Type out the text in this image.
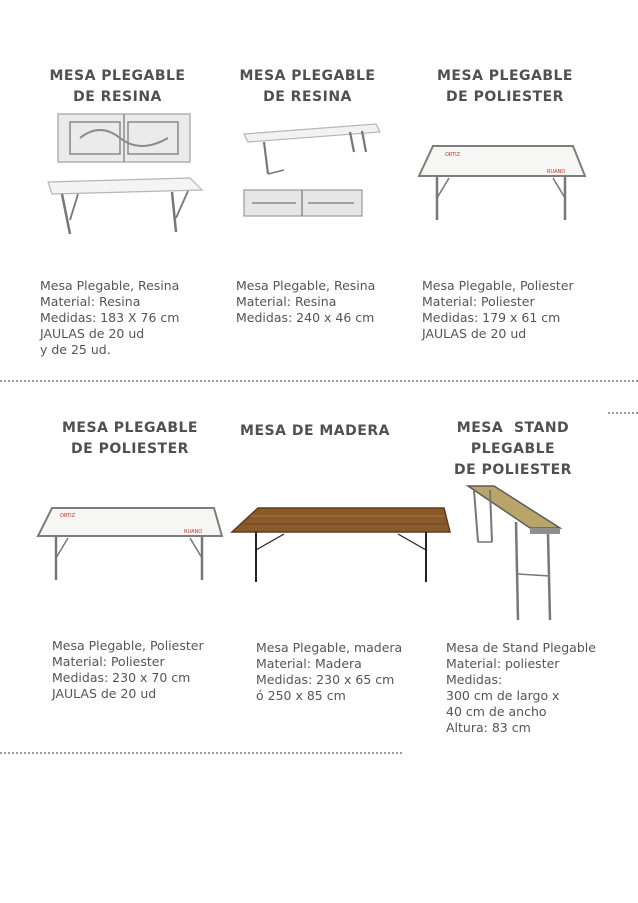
MESA PLEGABLE
DE RESINA
Mesa Plegable, Resina
Material: Resina
Medidas: 183 X 76 cm
JAULAS de 20 ud
y de 25 ud.
MESA PLEGABLE
DE RESINA
Mesa Plegable, Resina
Material: Resina
Medidas: 240 x 46 cm
MESA PLEGABLE
DE POLIESTER
ORTIZ
RUANO
Mesa Plegable, Poliester
Material: Poliester
Medidas: 179 x 61 cm
JAULAS de 20 ud
MESA PLEGABLE
DE POLIESTER
ORTIZ
RUANO
Mesa Plegable, Poliester
Material: Poliester
Medidas: 230 x 70 cm
JAULAS de 20 ud
MESA DE MADERA
Mesa Plegable, madera
Material: Madera
Medidas: 230 x 65 cm
ó 250 x 85 cm
MESA  STAND
PLEGABLE
DE POLIESTER
Mesa de Stand Plegable
Material: poliester
Medidas:
300 cm de largo x
40 cm de ancho
Altura: 83 cm
